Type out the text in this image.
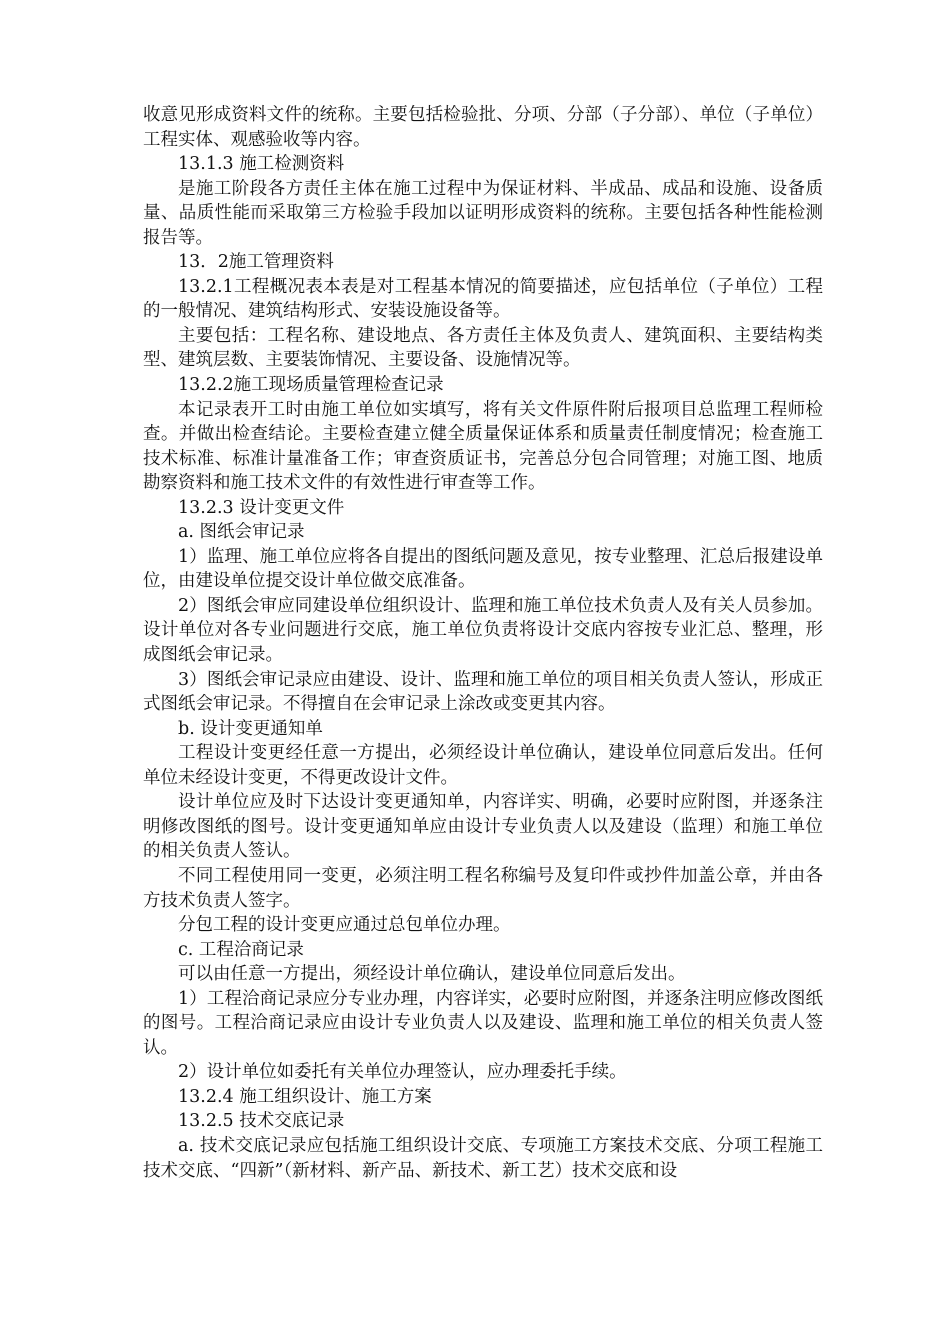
收意见形成资料文件的统称。主要包括检验批、分项、分部（子分部）、单位（子单位）工程实体、观感验收等内容。

13.1.3 施工检测资料

是施工阶段各方责任主体在施工过程中为保证材料、半成品、成品和设施、设备质量、品质性能而采取第三方检验手段加以证明形成资料的统称。主要包括各种性能检测报告等。

13．2施工管理资料

13.2.1工程概况表本表是对工程基本情况的简要描述，应包括单位（子单位）工程的一般情况、建筑结构形式、安装设施设备等。

主要包括：工程名称、建设地点、各方责任主体及负责人、建筑面积、主要结构类型、建筑层数、主要装饰情况、主要设备、设施情况等。

13.2.2施工现场质量管理检查记录

本记录表开工时由施工单位如实填写，将有关文件原件附后报项目总监理工程师检查。并做出检查结论。主要检查建立健全质量保证体系和质量责任制度情况；检查施工技术标准、标准计量准备工作；审查资质证书，完善总分包合同管理；对施工图、地质勘察资料和施工技术文件的有效性进行审查等工作。

13.2.3 设计变更文件

a. 图纸会审记录

1）监理、施工单位应将各自提出的图纸问题及意见，按专业整理、汇总后报建设单位，由建设单位提交设计单位做交底准备。

2）图纸会审应同建设单位组织设计、监理和施工单位技术负责人及有关人员参加。设计单位对各专业问题进行交底，施工单位负责将设计交底内容按专业汇总、整理，形成图纸会审记录。

3）图纸会审记录应由建设、设计、监理和施工单位的项目相关负责人签认，形成正式图纸会审记录。不得擅自在会审记录上涂改或变更其内容。

b. 设计变更通知单

工程设计变更经任意一方提出，必须经设计单位确认，建设单位同意后发出。任何单位未经设计变更，不得更改设计文件。

设计单位应及时下达设计变更通知单，内容详实、明确，必要时应附图，并逐条注明修改图纸的图号。设计变更通知单应由设计专业负责人以及建设（监理）和施工单位的相关负责人签认。

不同工程使用同一变更，必须注明工程名称编号及复印件或抄件加盖公章，并由各方技术负责人签字。

分包工程的设计变更应通过总包单位办理。

c. 工程洽商记录

可以由任意一方提出，须经设计单位确认，建设单位同意后发出。

1）工程洽商记录应分专业办理，内容详实，必要时应附图，并逐条注明应修改图纸的图号。工程洽商记录应由设计专业负责人以及建设、监理和施工单位的相关负责人签认。

2）设计单位如委托有关单位办理签认，应办理委托手续。

13.2.4 施工组织设计、施工方案

13.2.5 技术交底记录

a. 技术交底记录应包括施工组织设计交底、专项施工方案技术交底、分项工程施工技术交底、“四新”（新材料、新产品、新技术、新工艺）技术交底和设
